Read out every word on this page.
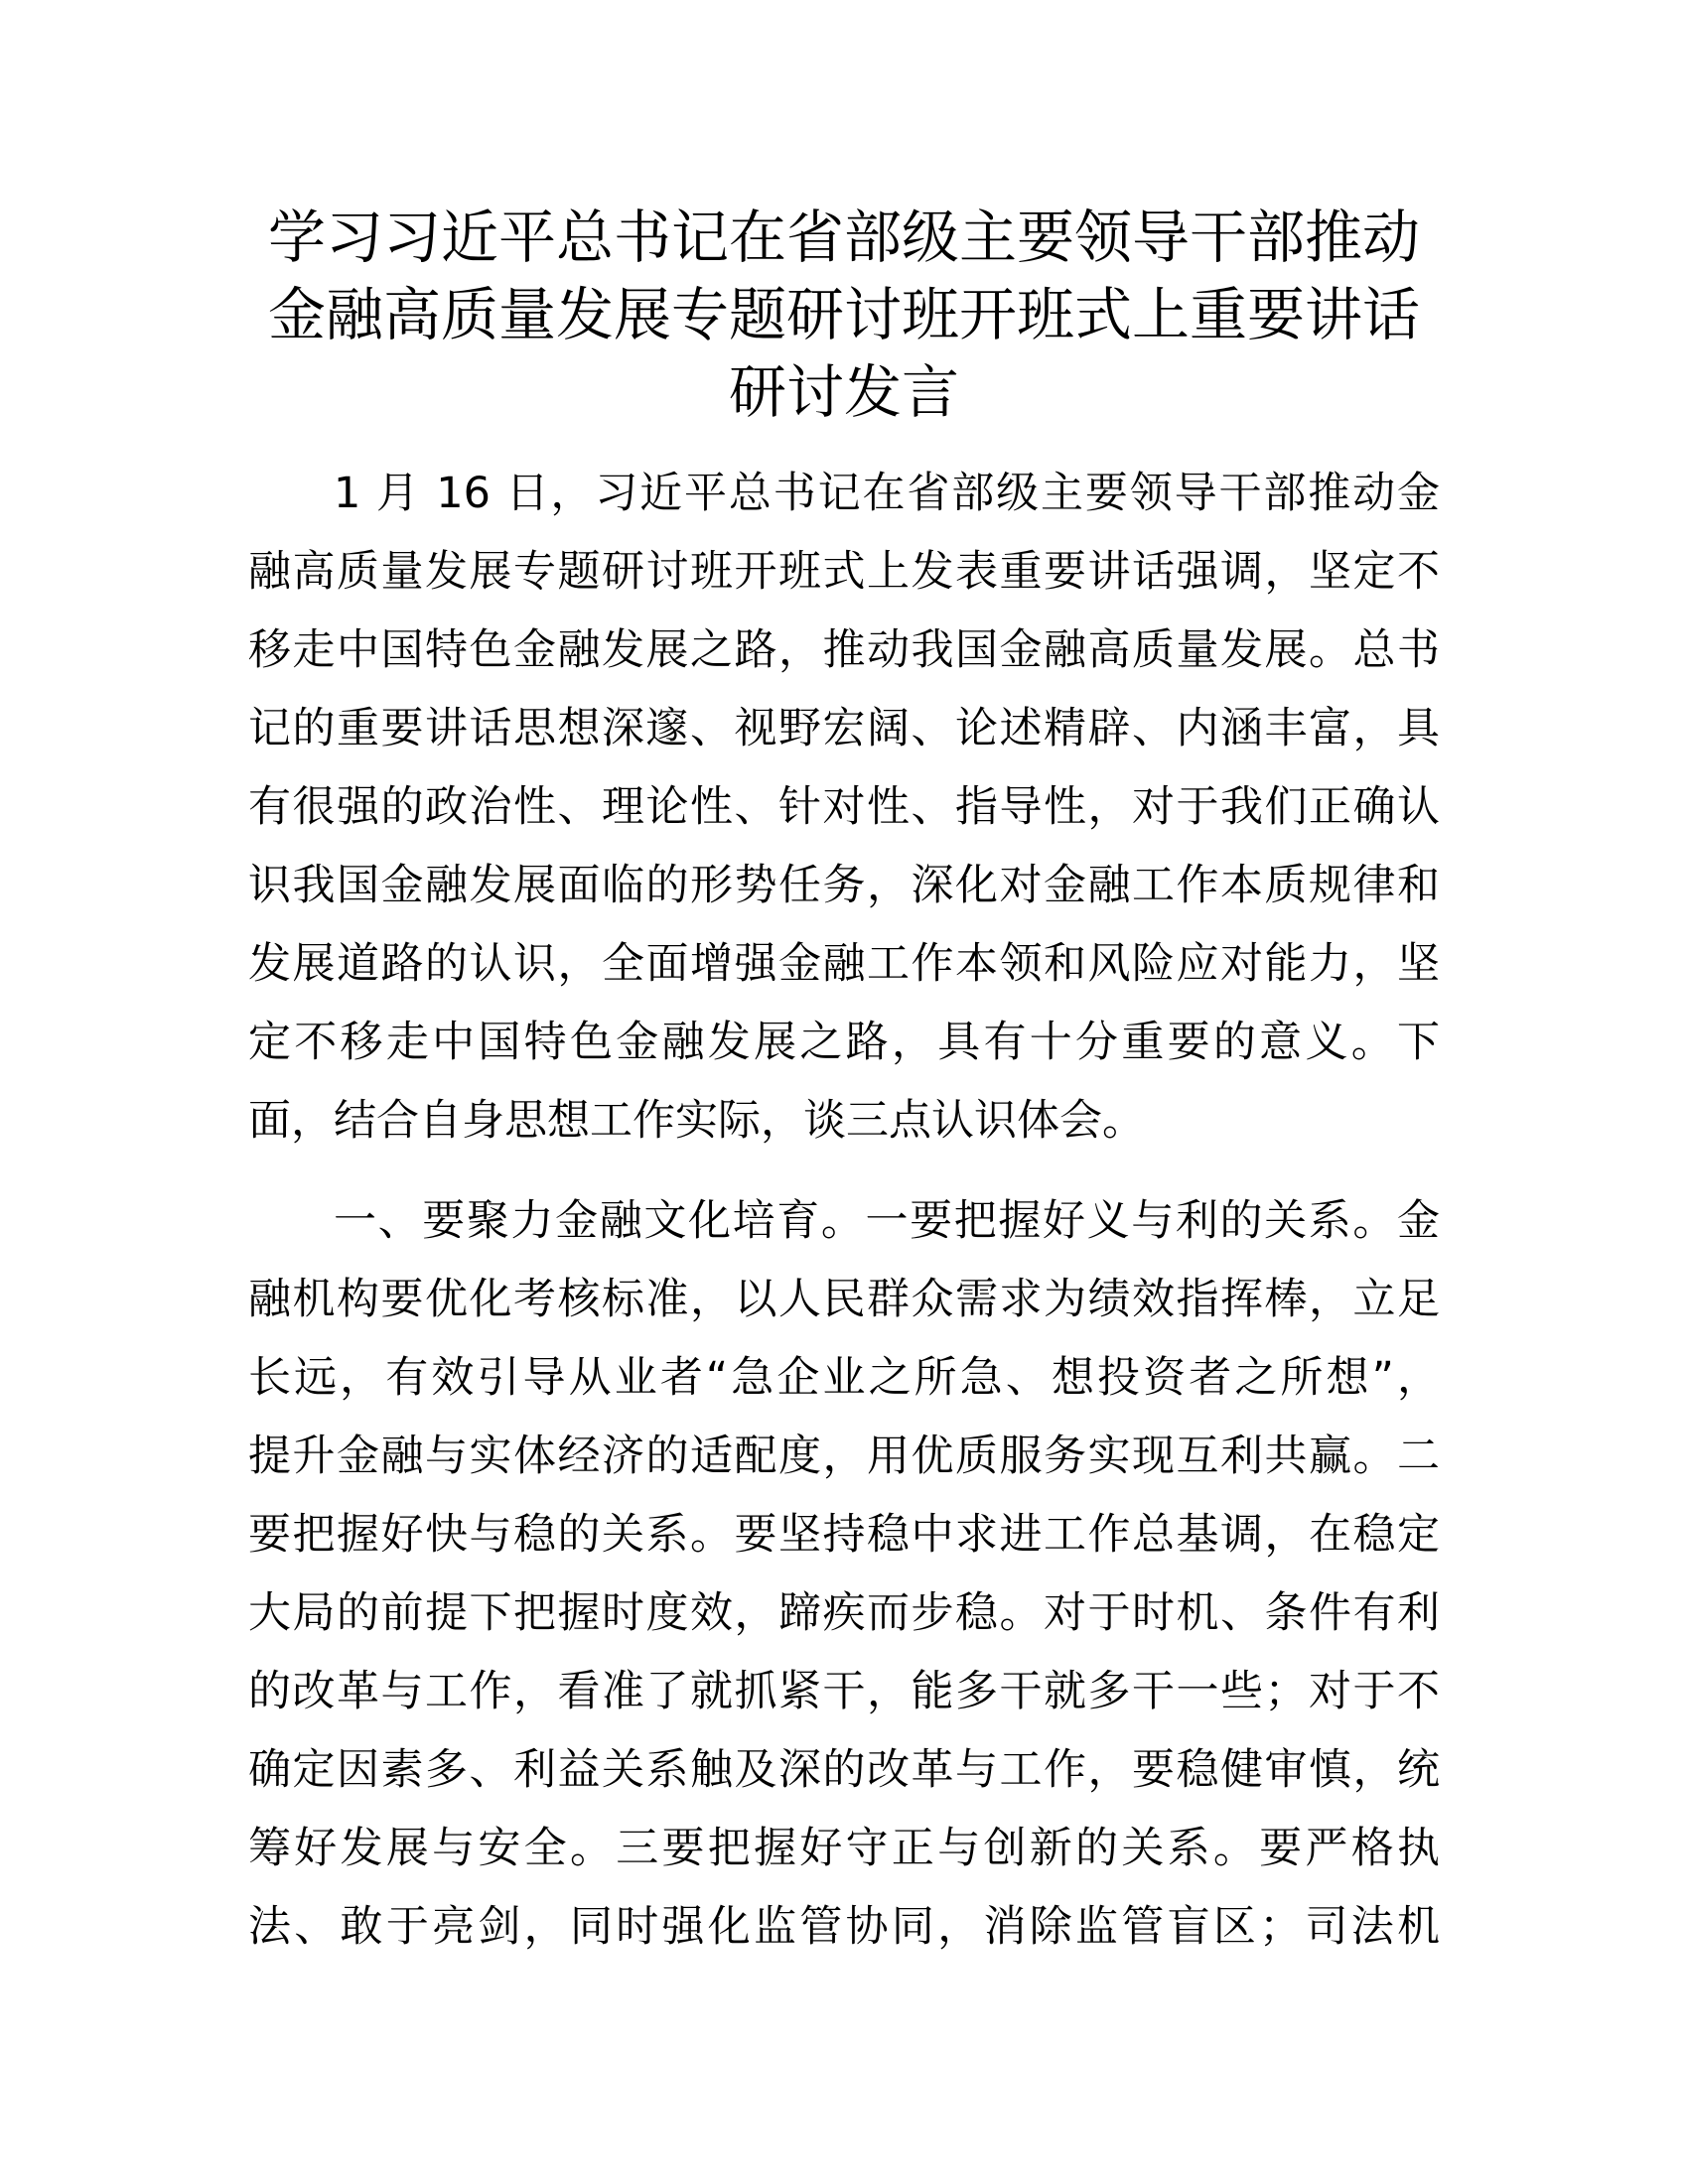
学习习近平总书记在省部级主要领导干部推动
金融高质量发展专题研讨班开班式上重要讲话
研讨发言
1 月 16 日，习近平总书记在省部级主要领导干部推动金
融高质量发展专题研讨班开班式上发表重要讲话强调，坚定不
移走中国特色金融发展之路，推动我国金融高质量发展。总书
记的重要讲话思想深邃、视野宏阔、论述精辟、内涵丰富，具
有很强的政治性、理论性、针对性、指导性，对于我们正确认
识我国金融发展面临的形势任务，深化对金融工作本质规律和
发展道路的认识，全面增强金融工作本领和风险应对能力，坚
定不移走中国特色金融发展之路，具有十分重要的意义。下
面，结合自身思想工作实际，谈三点认识体会。
一、要聚力金融文化培育。一要把握好义与利的关系。金
融机构要优化考核标准，以人民群众需求为绩效指挥棒，立足
长远，有效引导从业者“急企业之所急、想投资者之所想”，
提升金融与实体经济的适配度，用优质服务实现互利共赢。二
要把握好快与稳的关系。要坚持稳中求进工作总基调，在稳定
大局的前提下把握时度效，蹄疾而步稳。对于时机、条件有利
的改革与工作，看准了就抓紧干，能多干就多干一些；对于不
确定因素多、利益关系触及深的改革与工作，要稳健审慎，统
筹好发展与安全。三要把握好守正与创新的关系。要严格执
法、敢于亮剑，同时强化监管协同，消除监管盲区；司法机
